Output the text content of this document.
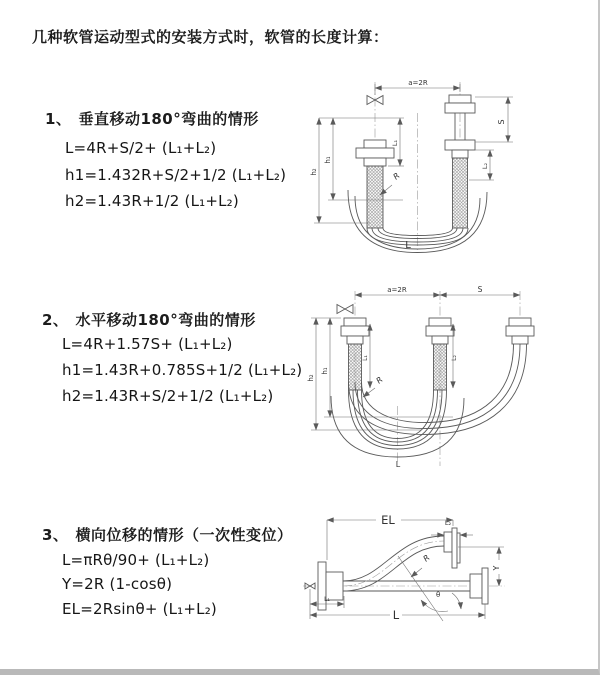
几种软管运动型式的安装方式时，软管的长度计算：
1、 垂直移动180°弯曲的情形
L=4R+S/2+ (L₁+L₂)
h1=1.432R+S/2+1/2 (L₁+L₂)
h2=1.43R+1/2 (L₁+L₂)
2、 水平移动180°弯曲的情形
L=4R+1.57S+ (L₁+L₂)
h1=1.43R+0.785S+1/2 (L₁+L₂)
h2=1.43R+S/2+1/2 (L₁+L₂)
3、 横向位移的情形（一次性变位）
L=πRθ/90+ (L₁+L₂)
Y=2R (1-cosθ)
EL=2Rsinθ+ (L₁+L₂)
a=2R
S
L₂
L₁
h₁
h₂	R
L
a=2R	S
h₁
h₂
L₁	L₂
R
L
θ
R
EL	L₂
Y
L₁
L
